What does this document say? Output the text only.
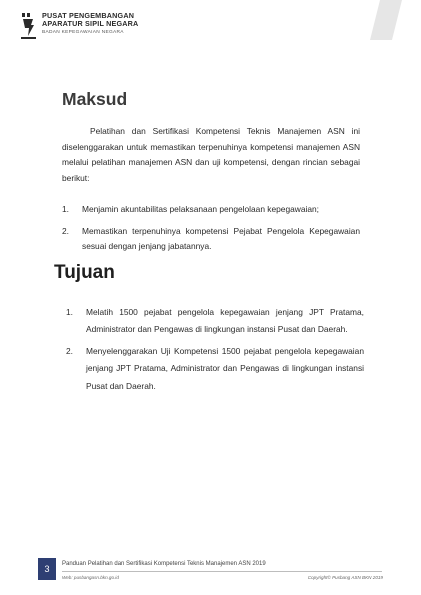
PUSAT PENGEMBANGAN
APARATUR SIPIL NEGARA
BADAN KEPEGAWAIAN NEGARA
Maksud

Pelatihan dan Sertifikasi Kompetensi Teknis Manajemen ASN ini diselenggarakan untuk memastikan terpenuhinya kompetensi manajemen ASN melalui pelatihan manajemen ASN dan uji kompetensi, dengan rincian sebagai berikut:

1.	Menjamin akuntabilitas pelaksanaan pengelolaan kepegawaian;
2.	Memastikan terpenuhinya kompetensi Pejabat Pengelola Kepegawaian sesuai dengan jenjang jabatannya.
Tujuan
1.	Melatih 1500 pejabat pengelola kepegawaian jenjang JPT Pratama, Administrator dan Pengawas di lingkungan instansi Pusat dan Daerah.
2.	Menyelenggarakan Uji Kompetensi 1500 pejabat pengelola kepegawaian jenjang JPT Pratama, Administrator dan Pengawas di lingkungan instansi Pusat dan Daerah.
3	Panduan Pelatihan dan Sertifikasi Kompetensi Teknis Manajemen ASN 2019
Web: pusbangasn.bkn.go.id	Copyright© Pusbang ASN BKN 2019
